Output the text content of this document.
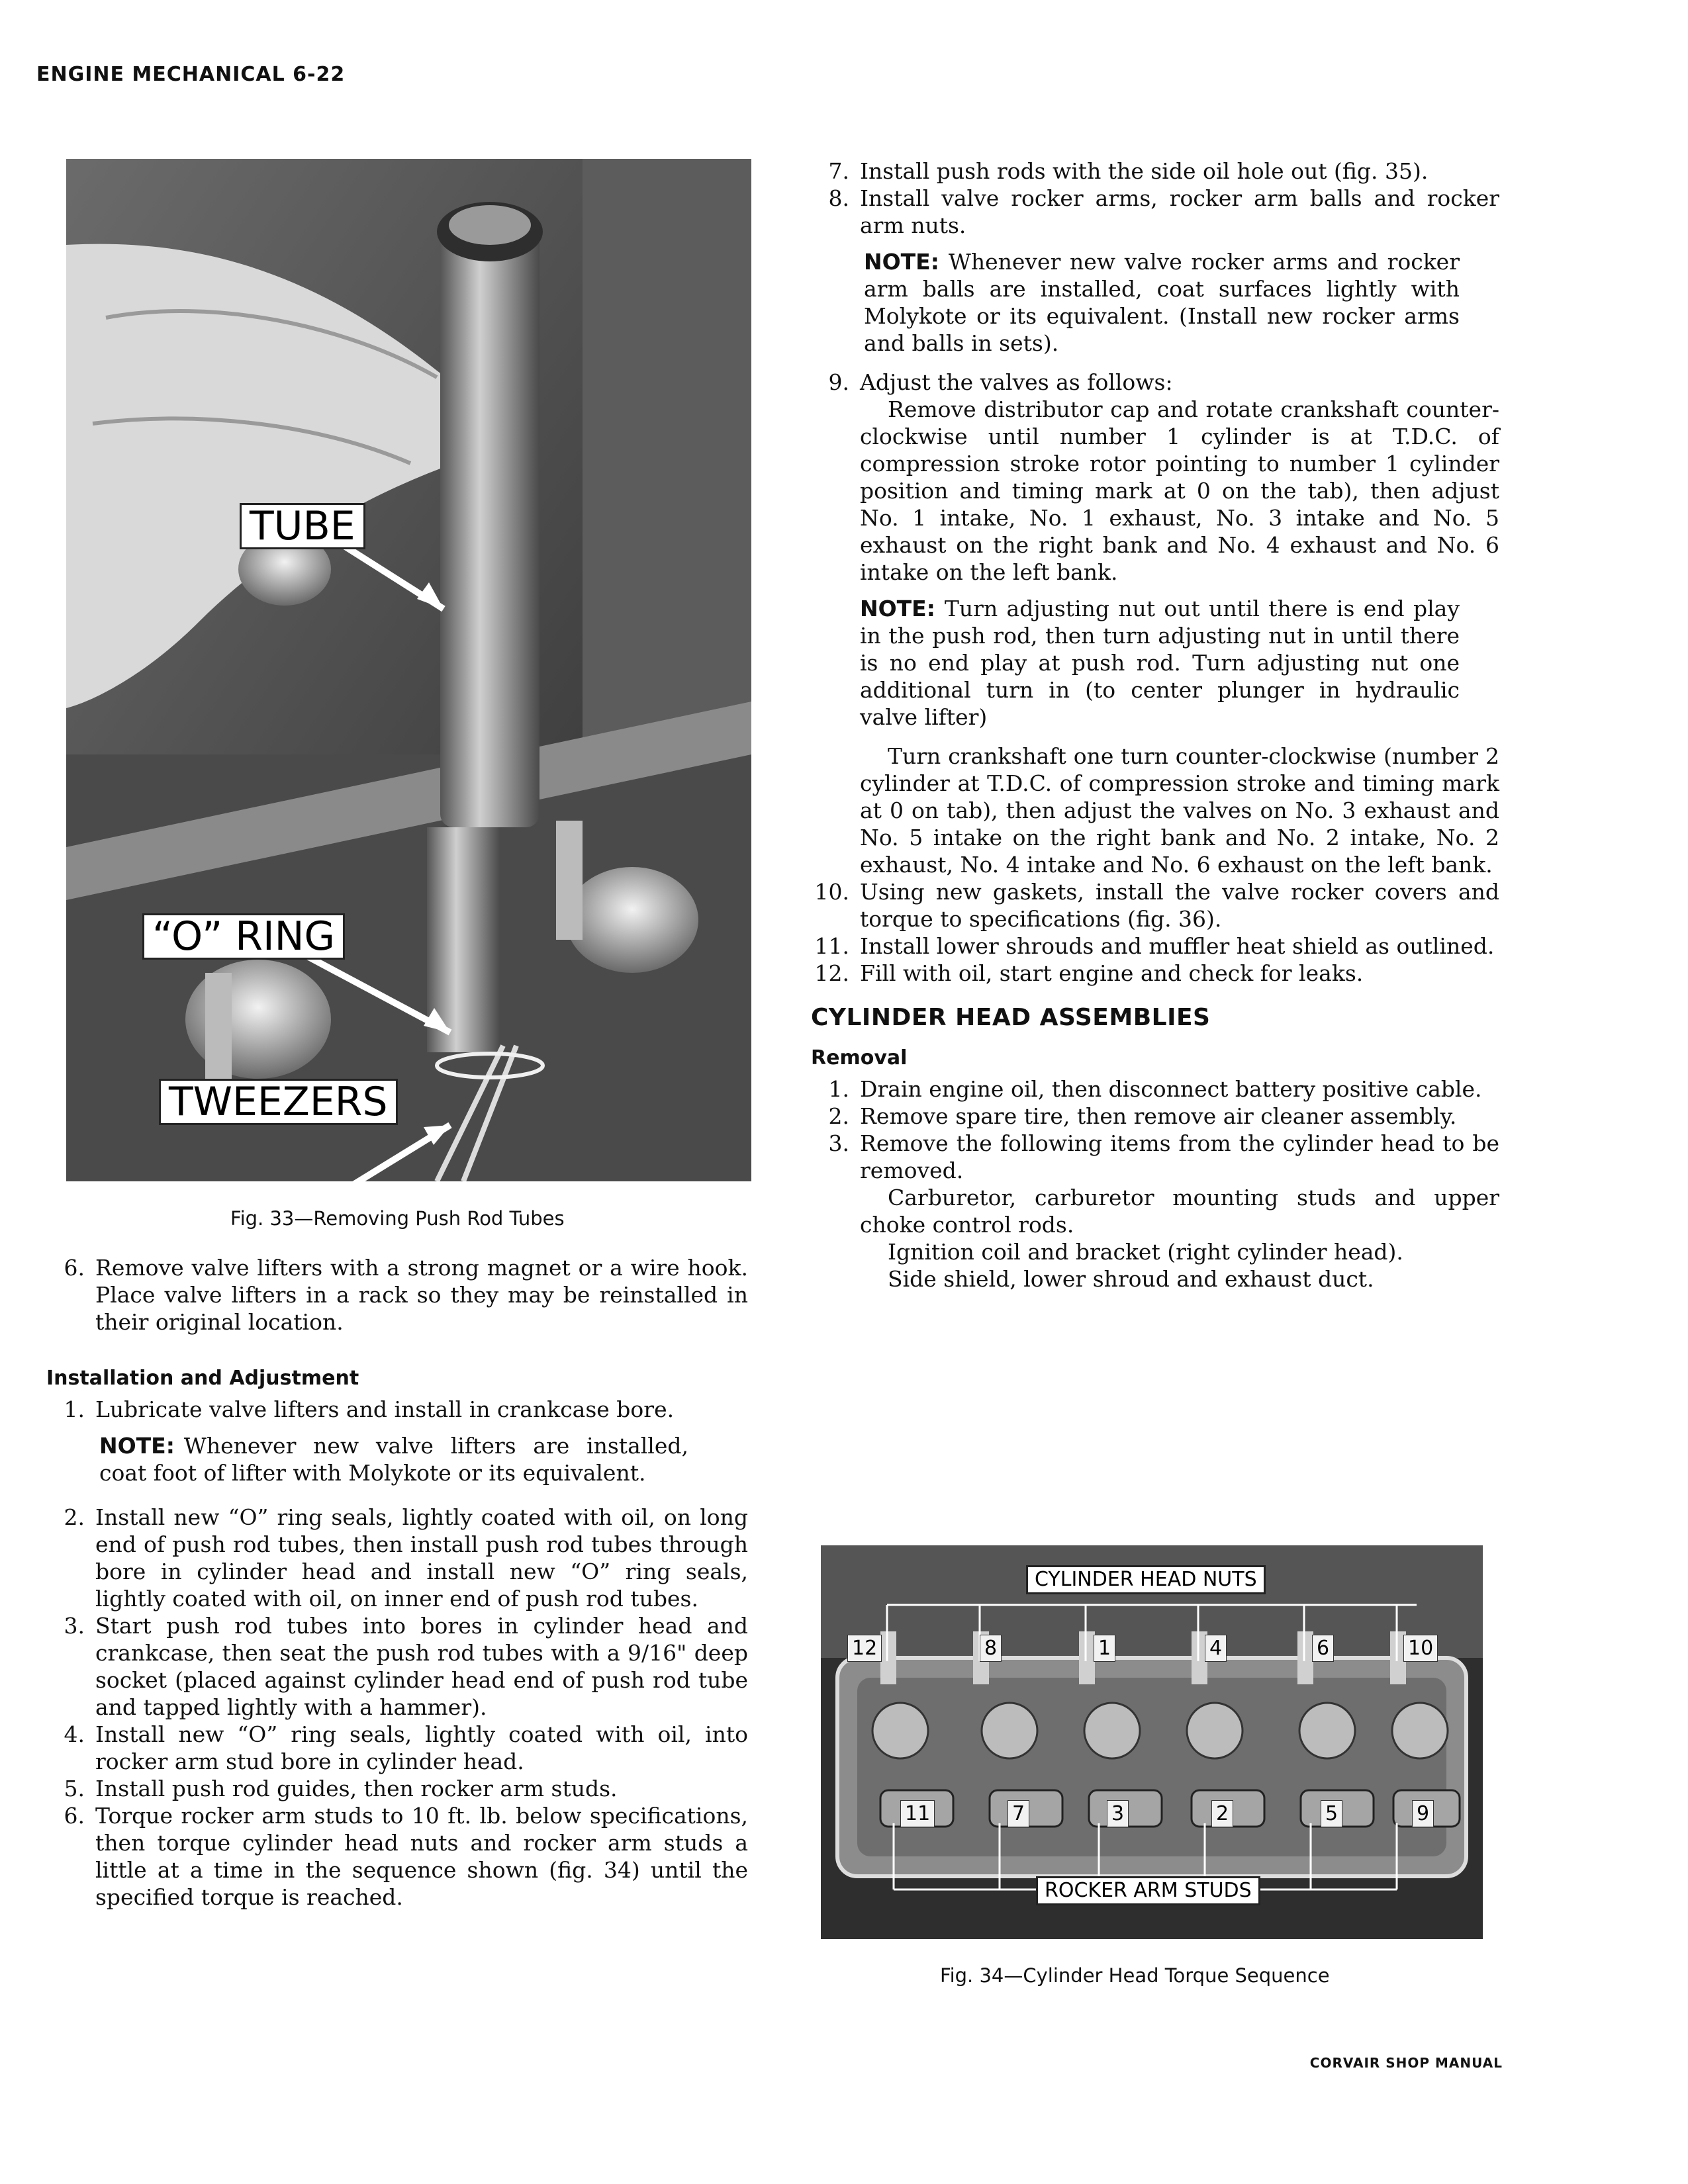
ENGINE MECHANICAL 6-22
TUBE
“O” RING
TWEEZERS
Fig. 33—Removing Push Rod Tubes
6. Remove valve lifters with a strong magnet or a wire hook. Place valve lifters in a rack so they may be reinstalled in their original location.
Installation and Adjustment
1. Lubricate valve lifters and install in crankcase bore.
NOTE: Whenever new valve lifters are installed, coat foot of lifter with Molykote or its equivalent.
2. Install new “O” ring seals, lightly coated with oil, on long end of push rod tubes, then install push rod tubes through bore in cylinder head and install new “O” ring seals, lightly coated with oil, on inner end of push rod tubes.
3. Start push rod tubes into bores in cylinder head and crankcase, then seat the push rod tubes with a 9/16" deep socket (placed against cylinder head end of push rod tube and tapped lightly with a hammer).
4. Install new “O” ring seals, lightly coated with oil, into rocker arm stud bore in cylinder head.
5. Install push rod guides, then rocker arm studs.
6. Torque rocker arm studs to 10 ft. lb. below specifications, then torque cylinder head nuts and rocker arm studs a little at a time in the sequence shown (fig. 34) until the specified torque is reached.
7. Install push rods with the side oil hole out (fig. 35).
8. Install valve rocker arms, rocker arm balls and rocker arm nuts.
NOTE: Whenever new valve rocker arms and rocker arm balls are installed, coat surfaces lightly with Molykote or its equivalent. (Install new rocker arms and balls in sets).
9. Adjust the valves as follows:
Remove distributor cap and rotate crankshaft counter-clockwise until number 1 cylinder is at T.D.C. of compression stroke rotor pointing to number 1 cylinder position and timing mark at 0 on the tab), then adjust No. 1 intake, No. 1 exhaust, No. 3 intake and No. 5 exhaust on the right bank and No. 4 exhaust and No. 6 intake on the left bank.
NOTE: Turn adjusting nut out until there is end play in the push rod, then turn adjusting nut in until there is no end play at push rod. Turn adjusting nut one additional turn in (to center plunger in hydraulic valve lifter)
Turn crankshaft one turn counter-clockwise (number 2 cylinder at T.D.C. of compression stroke and timing mark at 0 on tab), then adjust the valves on No. 3 exhaust and No. 5 intake on the right bank and No. 2 intake, No. 2 exhaust, No. 4 intake and No. 6 exhaust on the left bank.
10. Using new gaskets, install the valve rocker covers and torque to specifications (fig. 36).
11. Install lower shrouds and muffler heat shield as outlined.
12. Fill with oil, start engine and check for leaks.
CYLINDER HEAD ASSEMBLIES
Removal
1. Drain engine oil, then disconnect battery positive cable.
2. Remove spare tire, then remove air cleaner assembly.
3. Remove the following items from the cylinder head to be removed.
Carburetor, carburetor mounting studs and upper choke control rods.
Ignition coil and bracket (right cylinder head).
Side shield, lower shroud and exhaust duct.
CYLINDER HEAD NUTS
ROCKER ARM STUDS
12	8	1	4	6	10
11	7	3	2	5	9
Fig. 34—Cylinder Head Torque Sequence
CORVAIR SHOP MANUAL
